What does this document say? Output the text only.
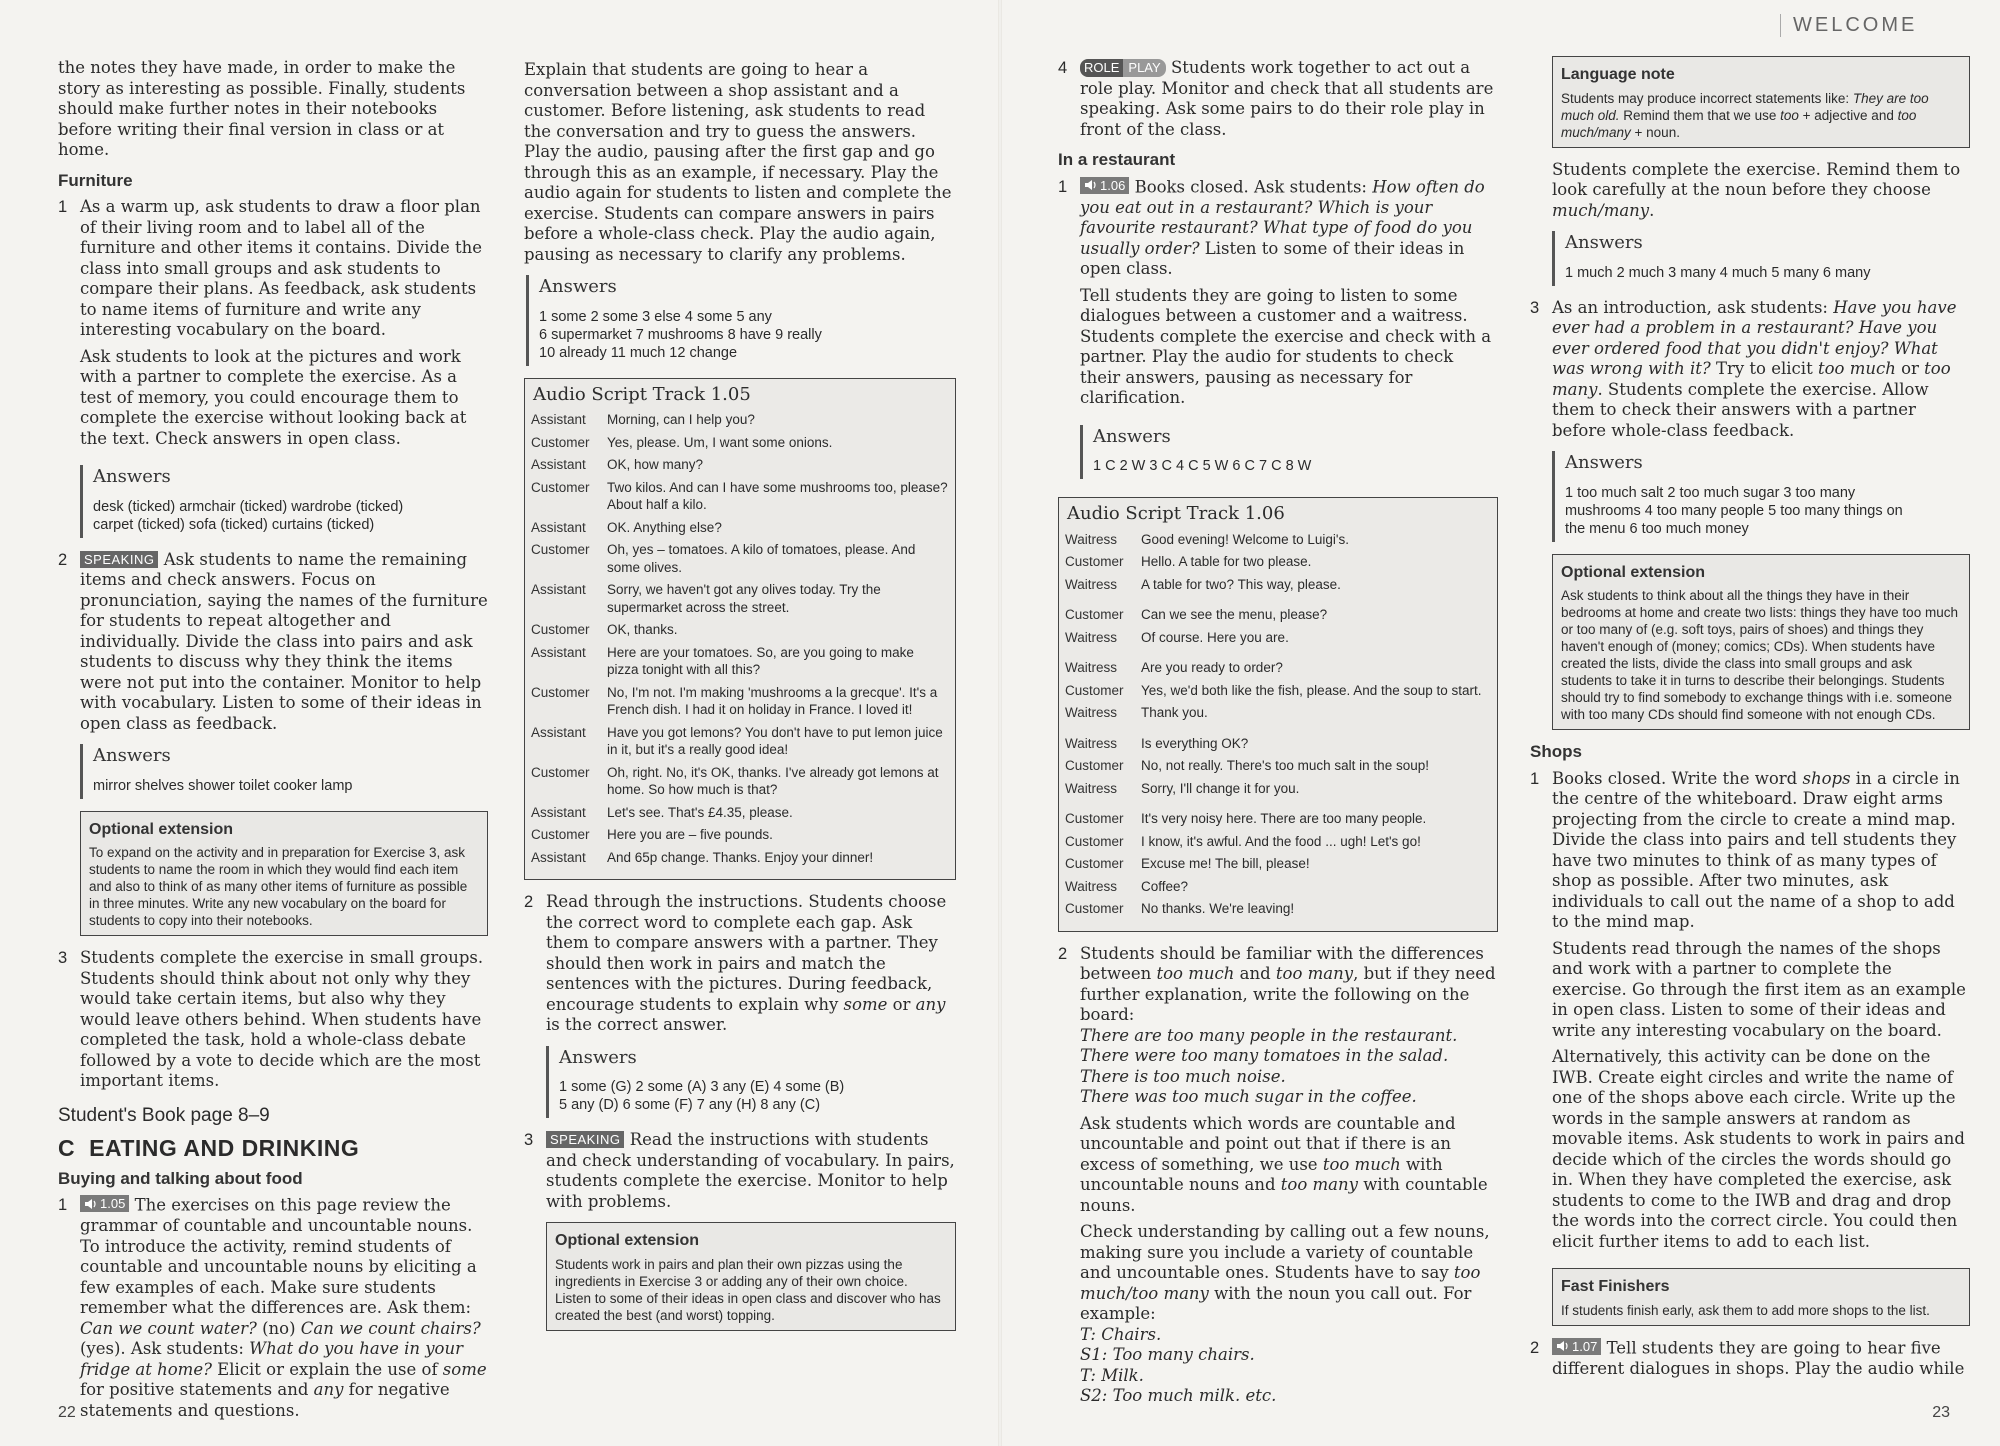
WELCOME

the notes they have made, in order to make the story as interesting as possible. Finally, students should make further notes in their notebooks before writing their final version in class or at home.

Furniture
1 As a warm up, ask students to draw a floor plan of their living room and to label all of the furniture and other items it contains. Divide the class into small groups and ask students to compare their plans. As feedback, ask students to name items of furniture and write any interesting vocabulary on the board.

Ask students to look at the pictures and work with a partner to complete the exercise. As a test of memory, you could encourage them to complete the exercise without looking back at the text. Check answers in open class.

Answers
desk (ticked) armchair (ticked) wardrobe (ticked)
carpet (ticked) sofa (ticked) curtains (ticked)
2	SPEAKING Ask students to name the remaining items and check answers. Focus on pronunciation, saying the names of the furniture for students to repeat altogether and individually. Divide the class into pairs and ask students to discuss why they think the items were not put into the container. Monitor to help with vocabulary. Listen to some of their ideas in open class as feedback.
Answers
mirror shelves shower toilet cooker lamp
Optional extension
To expand on the activity and in preparation for Exercise 3, ask students to name the room in which they would find each item and also to think of as many other items of furniture as possible in three minutes. Write any new vocabulary on the board for students to copy into their notebooks.
3 Students complete the exercise in small groups. Students should think about not only why they would take certain items, but also why they would leave others behind. When students have completed the task, hold a whole-class debate followed by a vote to decide which are the most important items.
Student's Book page 8–9
C EATING AND DRINKING
Buying and talking about food
1	1.05 The exercises on this page review the grammar of countable and uncountable nouns. To introduce the activity, remind students of countable and uncountable nouns by eliciting a few examples of each. Make sure students remember what the differences are. Ask them: Can we count water? (no) Can we count chairs? (yes). Ask students: What do you have in your fridge at home? Elicit or explain the use of some for positive statements and any for negative statements and questions.

Explain that students are going to hear a conversation between a shop assistant and a customer. Before listening, ask students to read the conversation and try to guess the answers. Play the audio, pausing after the first gap and go through this as an example, if necessary. Play the audio again for students to listen and complete the exercise. Students can compare answers in pairs before a whole-class check. Play the audio again, pausing as necessary to clarify any problems.

Answers
1 some 2 some 3 else 4 some 5 any
6 supermarket 7 mushrooms 8 have 9 really
10 already 11 much 12 change
Audio Script Track 1.05
Assistant	Morning, can I help you?
Customer	Yes, please. Um, I want some onions.
Assistant	OK, how many?
Customer	Two kilos. And can I have some mushrooms too, please? About half a kilo.
Assistant	OK. Anything else?
Customer	Oh, yes – tomatoes. A kilo of tomatoes, please. And some olives.
Assistant	Sorry, we haven't got any olives today. Try the supermarket across the street.
Customer	OK, thanks.
Assistant	Here are your tomatoes. So, are you going to make pizza tonight with all this?
Customer	No, I'm not. I'm making 'mushrooms a la grecque'. It's a French dish. I had it on holiday in France. I loved it!
Assistant	Have you got lemons? You don't have to put lemon juice in it, but it's a really good idea!
Customer	Oh, right. No, it's OK, thanks. I've already got lemons at home. So how much is that?
Assistant	Let's see. That's £4.35, please.
Customer	Here you are – five pounds.
Assistant	And 65p change. Thanks. Enjoy your dinner!
2 Read through the instructions. Students choose the correct word to complete each gap. Ask them to compare answers with a partner. They should then work in pairs and match the sentences with the pictures. During feedback, encourage students to explain why some or any is the correct answer.
Answers
1 some (G) 2 some (A) 3 any (E) 4 some (B)
5 any (D) 6 some (F) 7 any (H) 8 any (C)
3	SPEAKING Read the instructions with students and check understanding of vocabulary. In pairs, students complete the exercise. Monitor to help with problems.
Optional extension
Students work in pairs and plan their own pizzas using the ingredients in Exercise 3 or adding any of their own choice. Listen to some of their ideas in open class and discover who has created the best (and worst) topping.
4	ROLE PLAY Students work together to act out a role play. Monitor and check that all students are speaking. Ask some pairs to do their role play in front of the class.
In a restaurant
1	1.06 Books closed. Ask students: How often do you eat out in a restaurant? Which is your favourite restaurant? What type of food do you usually order? Listen to some of their ideas in open class.

Tell students they are going to listen to some dialogues between a customer and a waitress. Students complete the exercise and check with a partner. Play the audio for students to check their answers, pausing as necessary for clarification.

Answers
1 C 2 W 3 C 4 C 5 W 6 C 7 C 8 W
Audio Script Track 1.06
Waitress	Good evening! Welcome to Luigi's.
Customer	Hello. A table for two please.
Waitress	A table for two? This way, please.
Customer	Can we see the menu, please?
Waitress	Of course. Here you are.
Waitress	Are you ready to order?
Customer	Yes, we'd both like the fish, please. And the soup to start.
Waitress	Thank you.
Waitress	Is everything OK?
Customer	No, not really. There's too much salt in the soup!
Waitress	Sorry, I'll change it for you.
Customer	It's very noisy here. There are too many people.
Customer	I know, it's awful. And the food ... ugh! Let's go!
Customer	Excuse me! The bill, please!
Waitress	Coffee?
Customer	No thanks. We're leaving!
2 Students should be familiar with the differences between too much and too many, but if they need further explanation, write the following on the board:
There are too many people in the restaurant.
There were too many tomatoes in the salad.
There is too much noise.
There was too much sugar in the coffee.

Ask students which words are countable and uncountable and point out that if there is an excess of something, we use too much with uncountable nouns and too many with countable nouns.

Check understanding by calling out a few nouns, making sure you include a variety of countable and uncountable ones. Students have to say too much/too many with the noun you call out. For example:
T: Chairs.
S1: Too many chairs.
T: Milk.
S2: Too much milk. etc.

Language note
Students may produce incorrect statements like: They are too much old. Remind them that we use too + adjective and too much/many + noun.

Students complete the exercise. Remind them to look carefully at the noun before they choose much/many.

Answers
1 much 2 much 3 many 4 much 5 many 6 many
3 As an introduction, ask students: Have you have ever had a problem in a restaurant? Have you ever ordered food that you didn't enjoy? What was wrong with it? Try to elicit too much or too many. Students complete the exercise. Allow them to check their answers with a partner before whole-class feedback.
Answers
1 too much salt 2 too much sugar 3 too many
mushrooms 4 too many people 5 too many things on
the menu 6 too much money
Optional extension
Ask students to think about all the things they have in their bedrooms at home and create two lists: things they have too much or too many of (e.g. soft toys, pairs of shoes) and things they haven't enough of (money; comics; CDs). When students have created the lists, divide the class into small groups and ask students to take it in turns to describe their belongings. Students should try to find somebody to exchange things with i.e. someone with too many CDs should find someone with not enough CDs.
Shops
1 Books closed. Write the word shops in a circle in the centre of the whiteboard. Draw eight arms projecting from the circle to create a mind map. Divide the class into pairs and tell students they have two minutes to think of as many types of shop as possible. After two minutes, ask individuals to call out the name of a shop to add to the mind map.

Students read through the names of the shops and work with a partner to complete the exercise. Go through the first item as an example in open class. Listen to some of their ideas and write any interesting vocabulary on the board.

Alternatively, this activity can be done on the IWB. Create eight circles and write the name of one of the shops above each circle. Write up the words in the sample answers at random as movable items. Ask students to work in pairs and decide which of the circles the words should go in. When they have completed the exercise, ask students to come to the IWB and drag and drop the words into the correct circle. You could then elicit further items to add to each list.

Fast Finishers
If students finish early, ask them to add more shops to the list.
2	1.07 Tell students they are going to hear five different dialogues in shops. Play the audio while
22	23
